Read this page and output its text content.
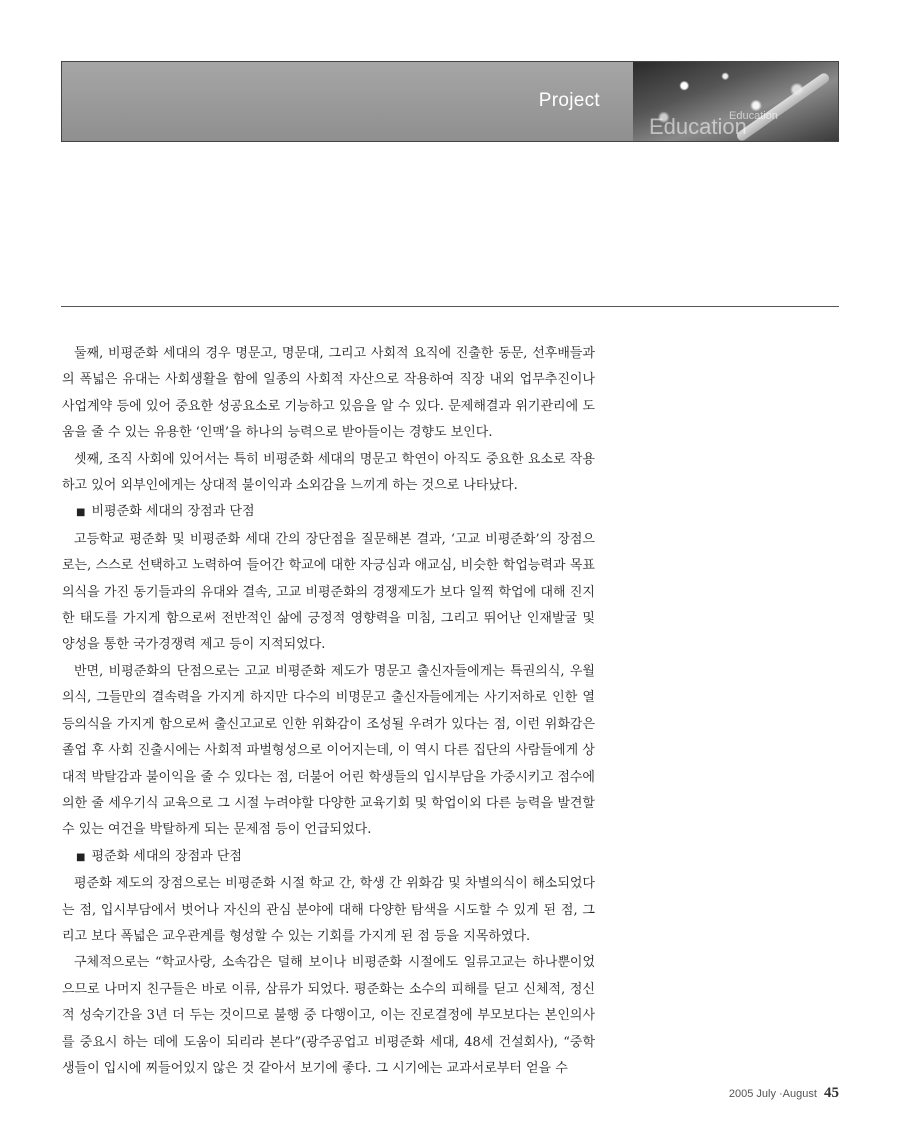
Project
Education
Education

둘째, 비평준화 세대의 경우 명문고, 명문대, 그리고 사회적 요직에 진출한 동문, 선후배들과의 폭넓은 유대는 사회생활을 함에 일종의 사회적 자산으로 작용하여 직장 내외 업무추진이나 사업계약 등에 있어 중요한 성공요소로 기능하고 있음을 알 수 있다. 문제해결과 위기관리에 도움을 줄 수 있는 유용한 ‘인맥’을 하나의 능력으로 받아들이는 경향도 보인다.

셋째, 조직 사회에 있어서는 특히 비평준화 세대의 명문고 학연이 아직도 중요한 요소로 작용하고 있어 외부인에게는 상대적 불이익과 소외감을 느끼게 하는 것으로 나타났다.

■ 비평준화 세대의 장점과 단점

고등학교 평준화 및 비평준화 세대 간의 장단점을 질문해본 결과, ‘고교 비평준화’의 장점으로는, 스스로 선택하고 노력하여 들어간 학교에 대한 자긍심과 애교심, 비슷한 학업능력과 목표의식을 가진 동기들과의 유대와 결속, 고교 비평준화의 경쟁제도가 보다 일찍 학업에 대해 진지한 태도를 가지게 함으로써 전반적인 삶에 긍정적 영향력을 미침, 그리고 뛰어난 인재발굴 및 양성을 통한 국가경쟁력 제고 등이 지적되었다.

반면, 비평준화의 단점으로는 고교 비평준화 제도가 명문고 출신자들에게는 특권의식, 우월의식, 그들만의 결속력을 가지게 하지만 다수의 비명문고 출신자들에게는 사기저하로 인한 열등의식을 가지게 함으로써 출신고교로 인한 위화감이 조성될 우려가 있다는 점, 이런 위화감은 졸업 후 사회 진출시에는 사회적 파벌형성으로 이어지는데, 이 역시 다른 집단의 사람들에게 상대적 박탈감과 불이익을 줄 수 있다는 점, 더불어 어린 학생들의 입시부담을 가중시키고 점수에 의한 줄 세우기식 교육으로 그 시절 누려야할 다양한 교육기회 및 학업이외 다른 능력을 발견할 수 있는 여건을 박탈하게 되는 문제점 등이 언급되었다.

■ 평준화 세대의 장점과 단점

평준화 제도의 장점으로는 비평준화 시절 학교 간, 학생 간 위화감 및 차별의식이 해소되었다는 점, 입시부담에서 벗어나 자신의 관심 분야에 대해 다양한 탐색을 시도할 수 있게 된 점, 그리고 보다 폭넓은 교우관계를 형성할 수 있는 기회를 가지게 된 점 등을 지목하였다.

구체적으로는 “학교사랑, 소속감은 덜해 보이나 비평준화 시절에도 일류고교는 하나뿐이었으므로 나머지 친구들은 바로 이류, 삼류가 되었다. 평준화는 소수의 피해를 딛고 신체적, 정신적 성숙기간을 3년 더 두는 것이므로 불행 중 다행이고, 이는 진로결정에 부모보다는 본인의사를 중요시 하는 데에 도움이 되리라 본다”(광주공업고 비평준화 세대, 48세 건설회사), “중학생들이 입시에 찌들어있지 않은 것 같아서 보기에 좋다. 그 시기에는 교과서로부터 얻을 수

2005 July ·August 45
